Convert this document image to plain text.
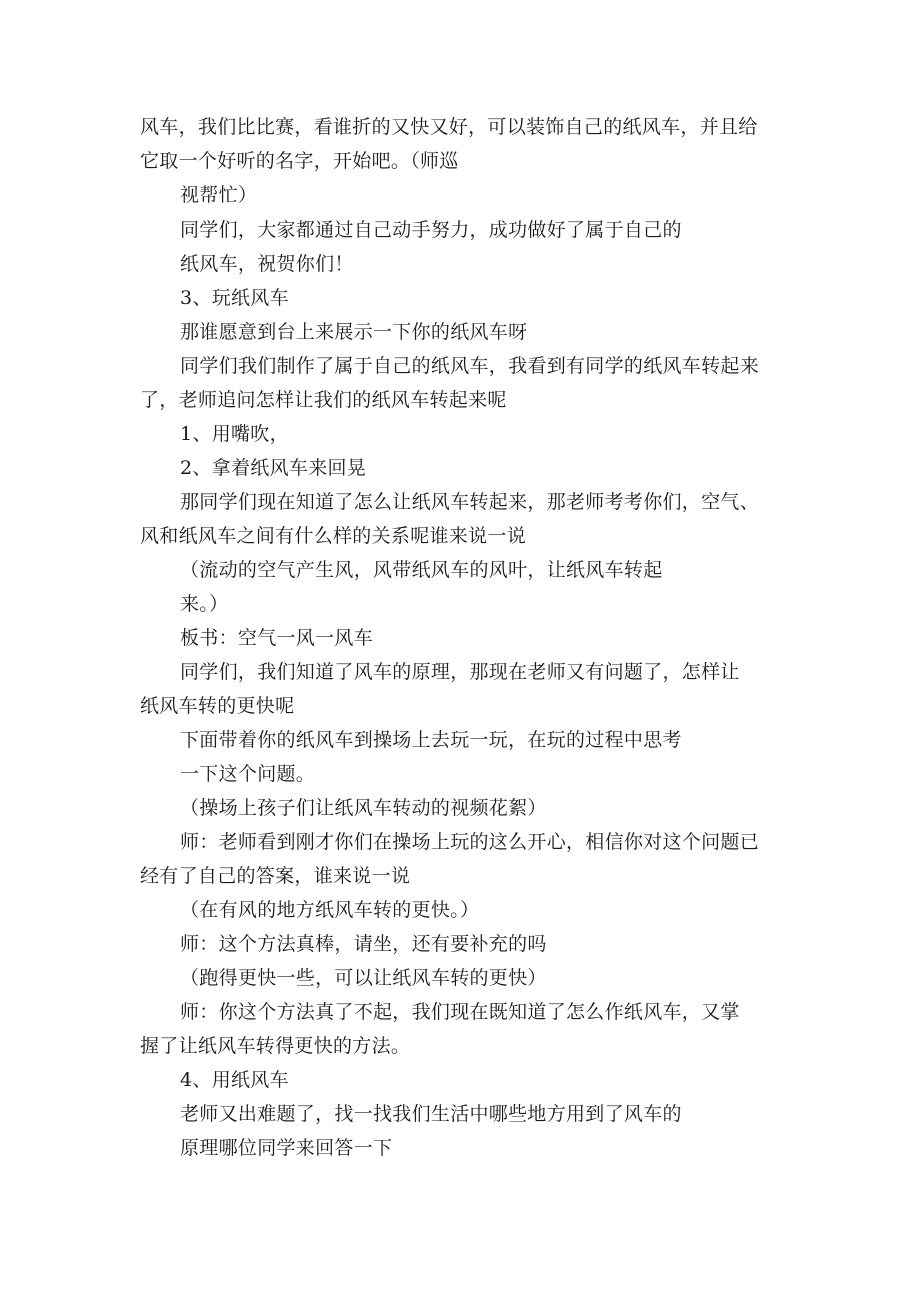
风车，我们比比赛，看谁折的又快又好，可以装饰自己的纸风车，并且给
它取一个好听的名字，开始吧。（师巡
视帮忙）
同学们，大家都通过自己动手努力，成功做好了属于自己的
纸风车，祝贺你们！
3、玩纸风车
那谁愿意到台上来展示一下你的纸风车呀
同学们我们制作了属于自己的纸风车，我看到有同学的纸风车转起来
了，老师追问怎样让我们的纸风车转起来呢
1、用嘴吹，
2、拿着纸风车来回晃
那同学们现在知道了怎么让纸风车转起来，那老师考考你们，空气、
风和纸风车之间有什么样的关系呢谁来说一说
（流动的空气产生风，风带纸风车的风叶，让纸风车转起
来。）
板书：空气一风一风车
同学们，我们知道了风车的原理，那现在老师又有问题了，怎样让
纸风车转的更快呢
下面带着你的纸风车到操场上去玩一玩，在玩的过程中思考
一下这个问题。
（操场上孩子们让纸风车转动的视频花絮）
师：老师看到刚才你们在操场上玩的这么开心，相信你对这个问题已
经有了自己的答案，谁来说一说
（在有风的地方纸风车转的更快。）
师：这个方法真棒，请坐，还有要补充的吗
（跑得更快一些，可以让纸风车转的更快）
师：你这个方法真了不起，我们现在既知道了怎么作纸风车，又掌
握了让纸风车转得更快的方法。
4、用纸风车
老师又出难题了，找一找我们生活中哪些地方用到了风车的
原理哪位同学来回答一下
